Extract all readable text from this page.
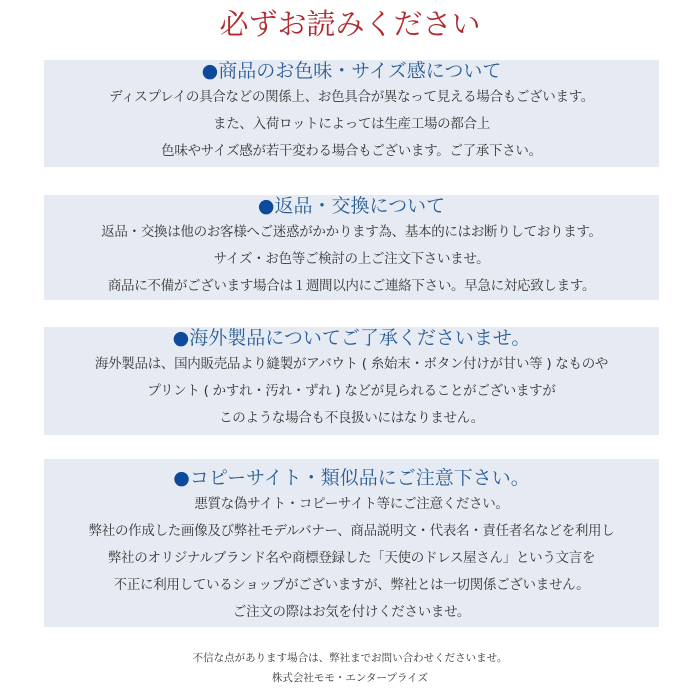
必ずお読みください
●商品のお色味・サイズ感について
ディスプレイの具合などの関係上、お色具合が異なって見える場合もございます。
また、入荷ロットによっては生産工場の都合上
色味やサイズ感が若干変わる場合もございます。ご了承下さい。
●返品・交換について
返品・交換は他のお客様へご迷惑がかかります為、基本的にはお断りしております。
サイズ・お色等ご検討の上ご注文下さいませ。
商品に不備がございます場合は１週間以内にご連絡下さい。早急に対応致します。
●海外製品についてご了承くださいませ。
海外製品は、国内販売品より縫製がアバウト ( 糸始末・ボタン付けが甘い等 ) なものや
プリント ( かすれ・汚れ・ずれ ) などが見られることがございますが
このような場合も不良扱いにはなりません。
●コピーサイト・類似品にご注意下さい。
悪質な偽サイト・コピーサイト等にご注意ください。
弊社の作成した画像及び弊社モデルバナー、商品説明文・代表名・責任者名などを利用し
弊社のオリジナルブランド名や商標登録した「天使のドレス屋さん」という文言を
不正に利用しているショップがございますが、弊社とは一切関係ございません。
ご注文の際はお気を付けくださいませ。
不信な点があります場合は、弊社までお問い合わせくださいませ。
株式会社モモ・エンタープライズ
